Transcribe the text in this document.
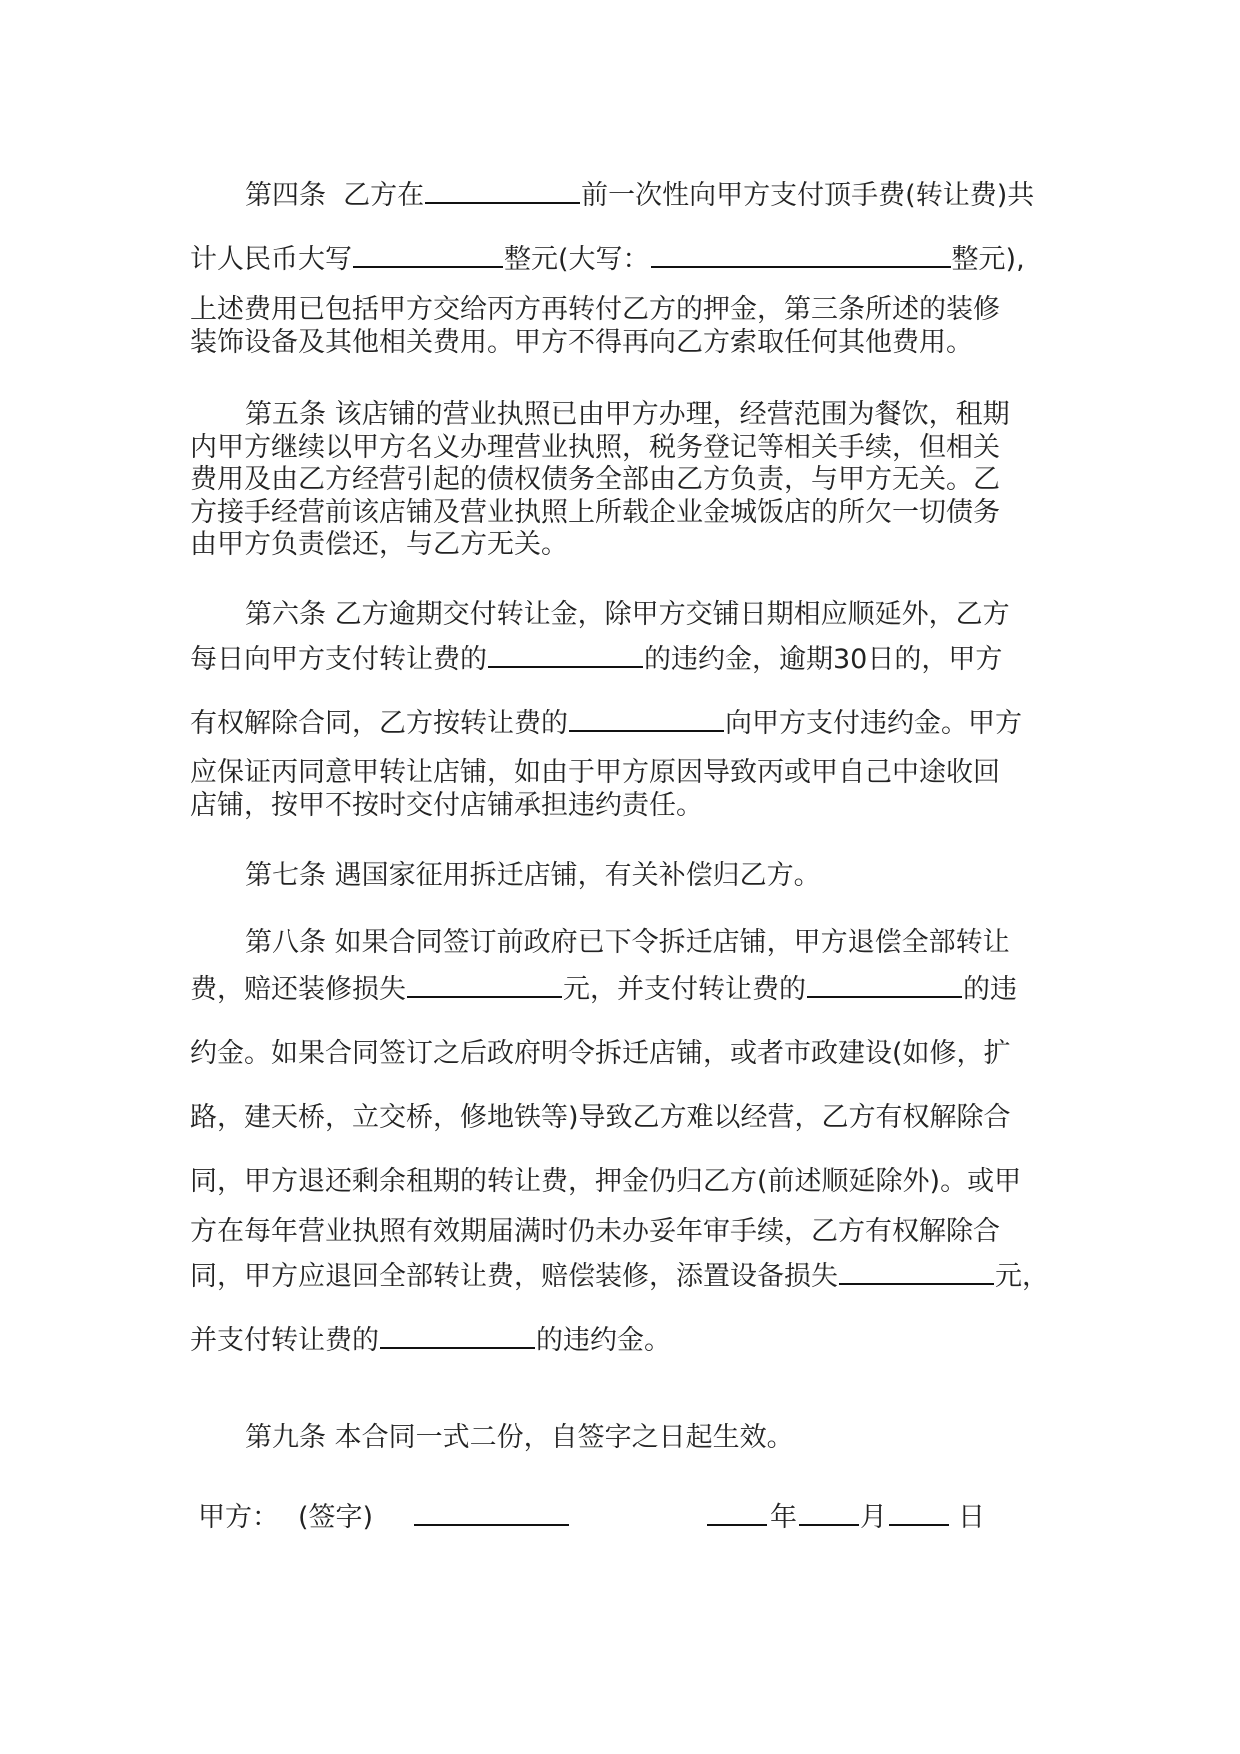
第四条  乙方在	前一次性向甲方支付顶手费(转让费)共
计人民币大写	整元(大写：	整元),
上述费用已包括甲方交给丙方再转付乙方的押金，第三条所述的装修
装饰设备及其他相关费用。甲方不得再向乙方索取任何其他费用。
第五条 该店铺的营业执照已由甲方办理，经营范围为餐饮，租期
内甲方继续以甲方名义办理营业执照，税务登记等相关手续，但相关
费用及由乙方经营引起的债权债务全部由乙方负责，与甲方无关。乙
方接手经营前该店铺及营业执照上所载企业金城饭店的所欠一切债务
由甲方负责偿还，与乙方无关。
第六条 乙方逾期交付转让金，除甲方交铺日期相应顺延外，乙方
每日向甲方支付转让费的	的违约金，逾期30日的，甲方
有权解除合同，乙方按转让费的	向甲方支付违约金。甲方
应保证丙同意甲转让店铺，如由于甲方原因导致丙或甲自己中途收回
店铺，按甲不按时交付店铺承担违约责任。
第七条 遇国家征用拆迁店铺，有关补偿归乙方。
第八条 如果合同签订前政府已下令拆迁店铺，甲方退偿全部转让
费，赔还装修损失	元，并支付转让费的	的违
约金。如果合同签订之后政府明令拆迁店铺，或者市政建设(如修，扩
路，建天桥，立交桥，修地铁等)导致乙方难以经营，乙方有权解除合
同，甲方退还剩余租期的转让费，押金仍归乙方(前述顺延除外)。或甲
方在每年营业执照有效期届满时仍未办妥年审手续，乙方有权解除合
同，甲方应退回全部转让费，赔偿装修，添置设备损失	元，
并支付转让费的	的违约金。
第九条 本合同一式二份，自签字之日起生效。
甲方： (签字)	年 月	日
